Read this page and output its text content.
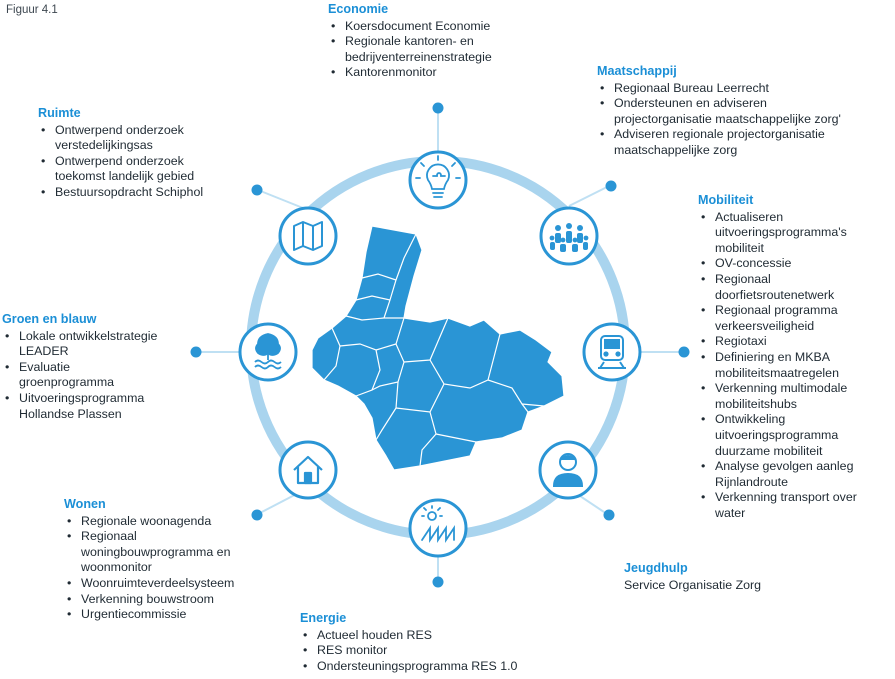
Figuur 4.1	Economie
• Koersdocument Economie
• Regionale kantoren- en
bedrijventerreinenstrategie
• Kantorenmonitor	Maatschappij
• Regionaal Bureau Leerrecht
• Ondersteunen en adviseren
projectorganisatie maatschappelijke zorg'
• Adviseren regionale projectorganisatie
maatschappelijke zorg
Mobiliteit
• Actualiseren
uitvoeringsprogramma's
mobiliteit
• OV-concessie
• Regionaal
doorfietsroutenetwerk
• Regionaal programma
verkeersveiligheid
• Regiotaxi
• Definiering en MKBA
mobiliteitsmaatregelen
• Verkenning multimodale
mobiliteitshubs
• Ontwikkeling
uitvoeringsprogramma
duurzame mobiliteit
• Analyse gevolgen aanleg
Rijnlandroute
• Verkenning transport over
water
Jeugdhulp
Service Organisatie Zorg
Energie
• Actueel houden RES
• RES monitor
• Ondersteuningsprogramma RES 1.0
Wonen
• Regionale woonagenda
• Regionaal
woningbouwprogramma en
woonmonitor
• Woonruimteverdeelsysteem
• Verkenning bouwstroom
• Urgentiecommissie
Groen en blauw
• Lokale ontwikkelstrategie
LEADER
• Evaluatie
groenprogramma
• Uitvoeringsprogramma
Hollandse Plassen
Ruimte
• Ontwerpend onderzoek
verstedelijkingsas
• Ontwerpend onderzoek
toekomst landelijk gebied
• Bestuursopdracht Schiphol
